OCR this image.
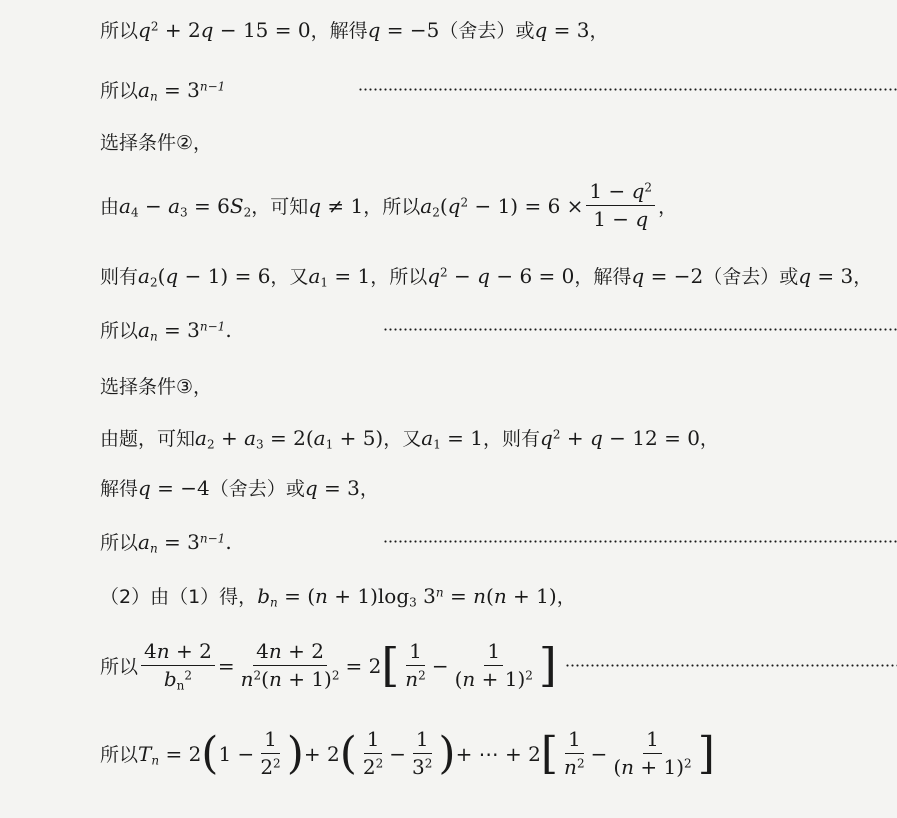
所以 $q^2 + 2q - 15 = 0$ ， 解得 q = −5 （舍去） 或 q = 3 ，
所以 $a_n = 3^{n-1}$
选择条件②，
由 $a_4 - a_3 = 6S_2$ ，可知 q ≠ 1 ，所以 $a_2(q^2 - 1) = 6 \times \frac{1 - q^2}{1 - q}$ ，
则有 $a_2(q - 1) = 6$ ，又 $a_1 = 1$ ，所以 $q^2 - q - 6 = 0$ ， 解得 q = −2 （舍去） 或 q = 3 ，
所以 $a_n = 3^{n-1}$ .
选择条件③，
由题，可知 $a_2 + a_3 = 2(a_1 + 5)$ ，又 $a_1 = 1$ ，则有 $q^2 + q - 12 = 0$ ，
解得 q = −4 （舍去） 或 q = 3 ，
所以 $a_n = 3^{n-1}$ .
（2）由（1）得， $b_n = (n + 1)\log_3$ $3^n = n(n + 1)$ ，
所以 $\frac{4n + 2}{b_n^2} = \frac{4n + 2}{n^2(n + 1)^2} = 2$ [ $\frac{1}{n^2} - \frac{1}{(n + 1)^2}$ ]
所以 $T_n = 2$ ( $1 - \frac{1}{2^2}$ ) + 2 ( $\frac{1}{2^2} - \frac{1}{3^2}$ ) + ⋯ + 2 [ $\frac{1}{n^2} - \frac{1}{(n + 1)^2}$ ]
